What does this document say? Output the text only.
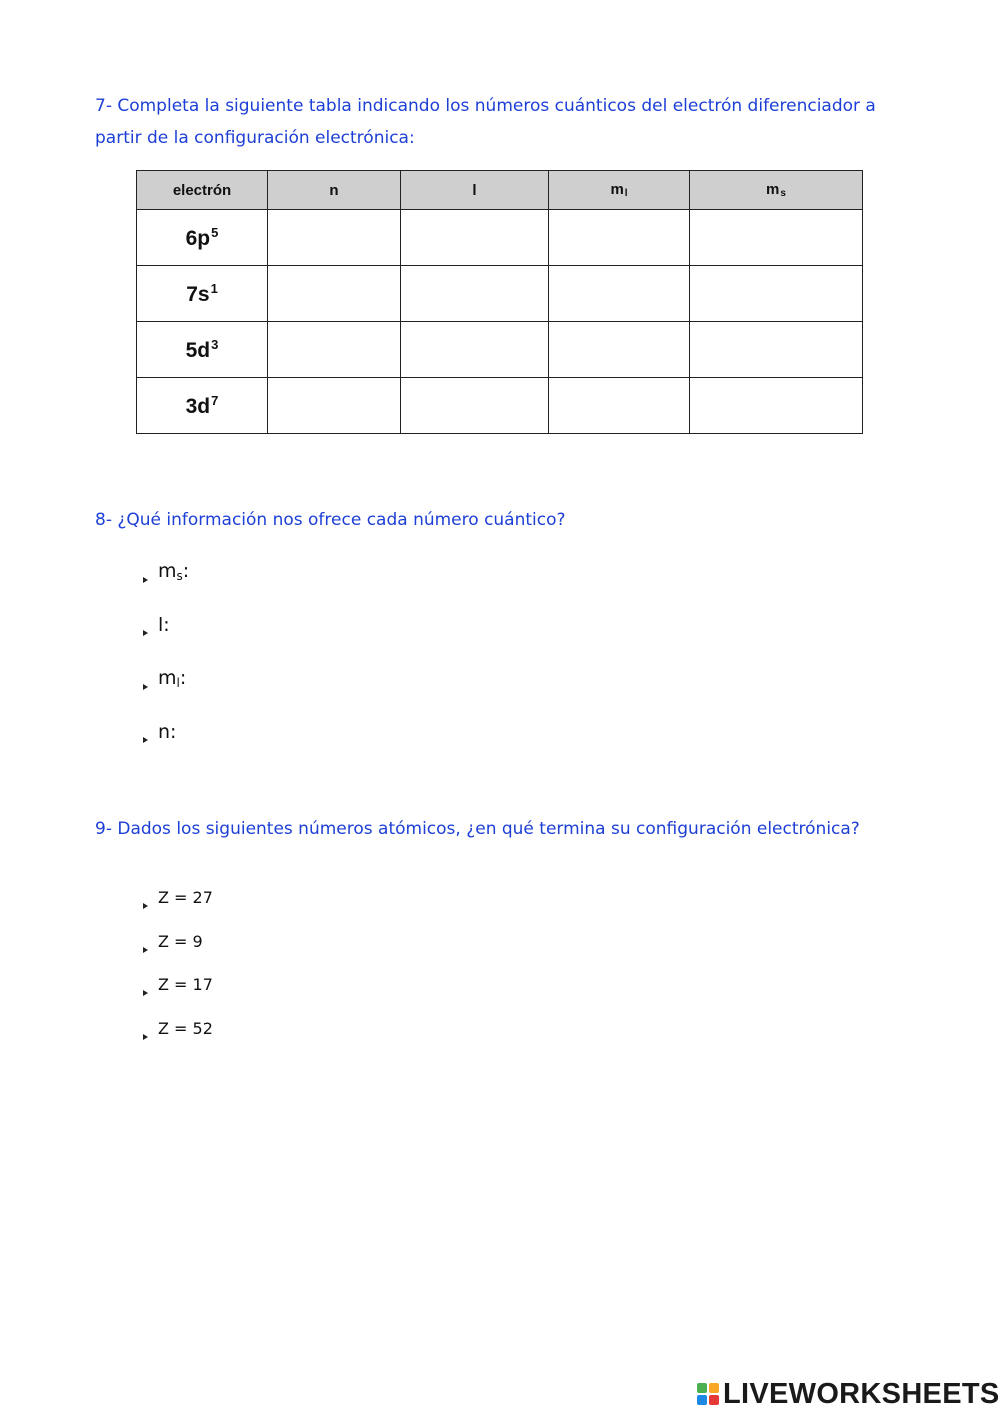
7- Completa la siguiente tabla indicando los números cuánticos del electrón diferenciador a partir de la configuración electrónica:
electrón	n	l	$m_l$	$m_s$
$6p^5$				
$7s^1$				
$5d^3$				
$3d^7$				
8- ¿Qué información nos ofrece cada número cuántico?
ms:
l:
ml:
n:
9- Dados los siguientes números atómicos, ¿en qué termina su configuración electrónica?
Z = 27
Z = 9
Z = 17
Z = 52
LIVEWORKSHEETS
